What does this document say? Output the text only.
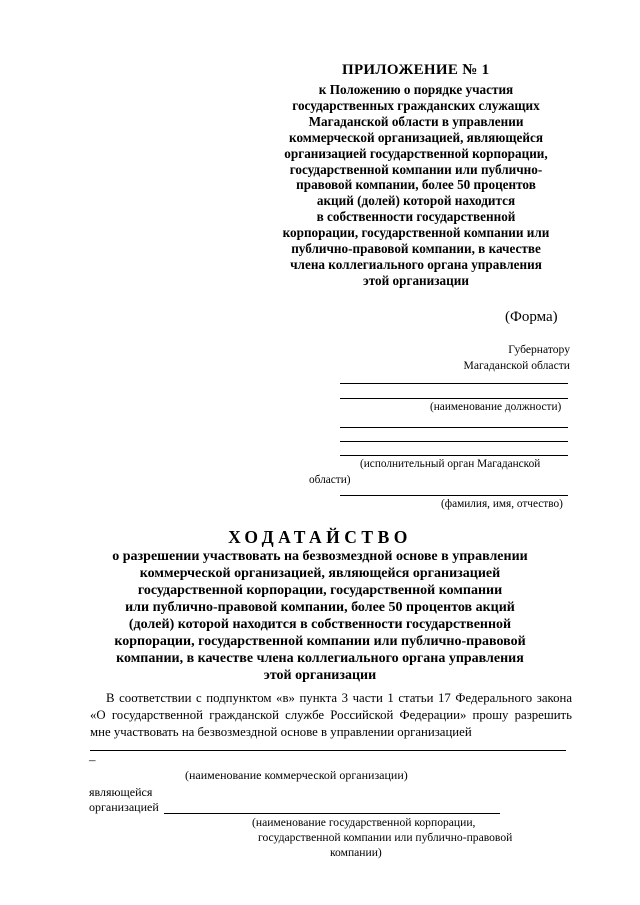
ПРИЛОЖЕНИЕ № 1
к Положению о порядке участия
государственных гражданских служащих
Магаданской области в управлении
коммерческой организацией, являющейся
организацией государственной корпорации,
государственной компании или публично-
правовой компании, более 50 процентов
акций (долей) которой находится
в собственности государственной
корпорации, государственной компании или
публично-правовой компании, в качестве
члена коллегиального органа управления
этой организации
(Форма)
Губернатору
Магаданской области
(наименование должности)
(исполнительный орган Магаданской
области)
(фамилия, имя, отчество)
ХОДАТАЙСТВО
о разрешении участвовать на безвозмездной основе в управлении
коммерческой организацией, являющейся организацией
государственной корпорации, государственной компании
или публично-правовой компании, более 50 процентов акций
(долей) которой находится в собственности государственной
корпорации, государственной компании или публично-правовой
компании, в качестве члена коллегиального органа управления
этой организации
В соответствии с подпунктом «в» пункта 3 части 1 статьи 17 Федерального закона «О государственной гражданской службе Российской Федерации» прошу разрешить мне участвовать на безвозмездной основе в управлении организацией
–
(наименование коммерческой организации)
являющейся
организацией
(наименование государственной корпорации,
государственной компании или публично-правовой
компании)
